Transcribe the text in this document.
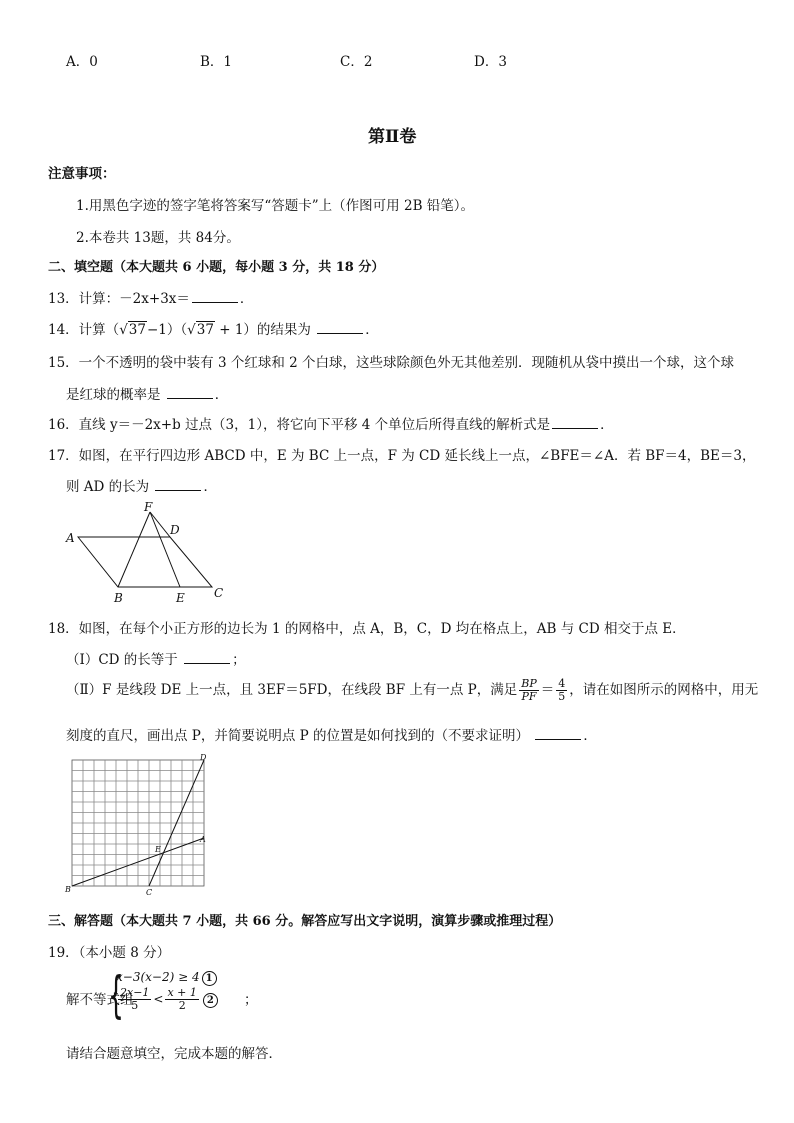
A．0	B．1	C．2	D．3
第Ⅱ卷
注意事项：
1.用黑色字迹的签字笔将答案写“答题卡”上（作图可用 2B 铅笔）。
2.本卷共 13题，共 84分。
二、填空题（本大题共 6 小题，每小题 3 分，共 18 分）
13．计算：－2x+3x＝	．
14．计算（√37−1）（√37 + 1）的结果为	．
15．一个不透明的袋中装有 3 个红球和 2 个白球，这些球除颜色外无其他差别．现随机从袋中摸出一个球，这个球
是红球的概率是	．
16．直线 y＝－2x+b 过点（3，1），将它向下平移 4 个单位后所得直线的解析式是	．
17．如图，在平行四边形 ABCD 中，E 为 BC 上一点，F 为 CD 延长线上一点，∠BFE＝∠A．若 BF＝4，BE＝3，
则 AD 的长为	．
A
B	C
D
E
F
18．如图，在每个小正方形的边长为 1 的网格中，点 A，B，C，D 均在格点上，AB 与 CD 相交于点 E．
（Ⅰ）CD 的长等于	；
（Ⅱ）F 是线段 DE 上一点，且 3EF＝5FD，在线段 BF 上有一点 P，满足 $\frac{BP}{PF} = \frac{4}{5}$ ，请在如图所示的网格中，用无
刻度的直尺，画出点 P，并简要说明点 P 的位置是如何找到的（不要求证明）	．
A
B	C
D
E
三、解答题（本大题共 7 小题，共 66 分。解答应写出文字说明，演算步骤或推理过程）
19．（本小题 8 分）
解不等式组
{
x−3(x−2) ≥ 4 1
$\frac{2x-1}{5} < \frac{x + 1}{2} 2$ ；
请结合题意填空，完成本题的解答．
